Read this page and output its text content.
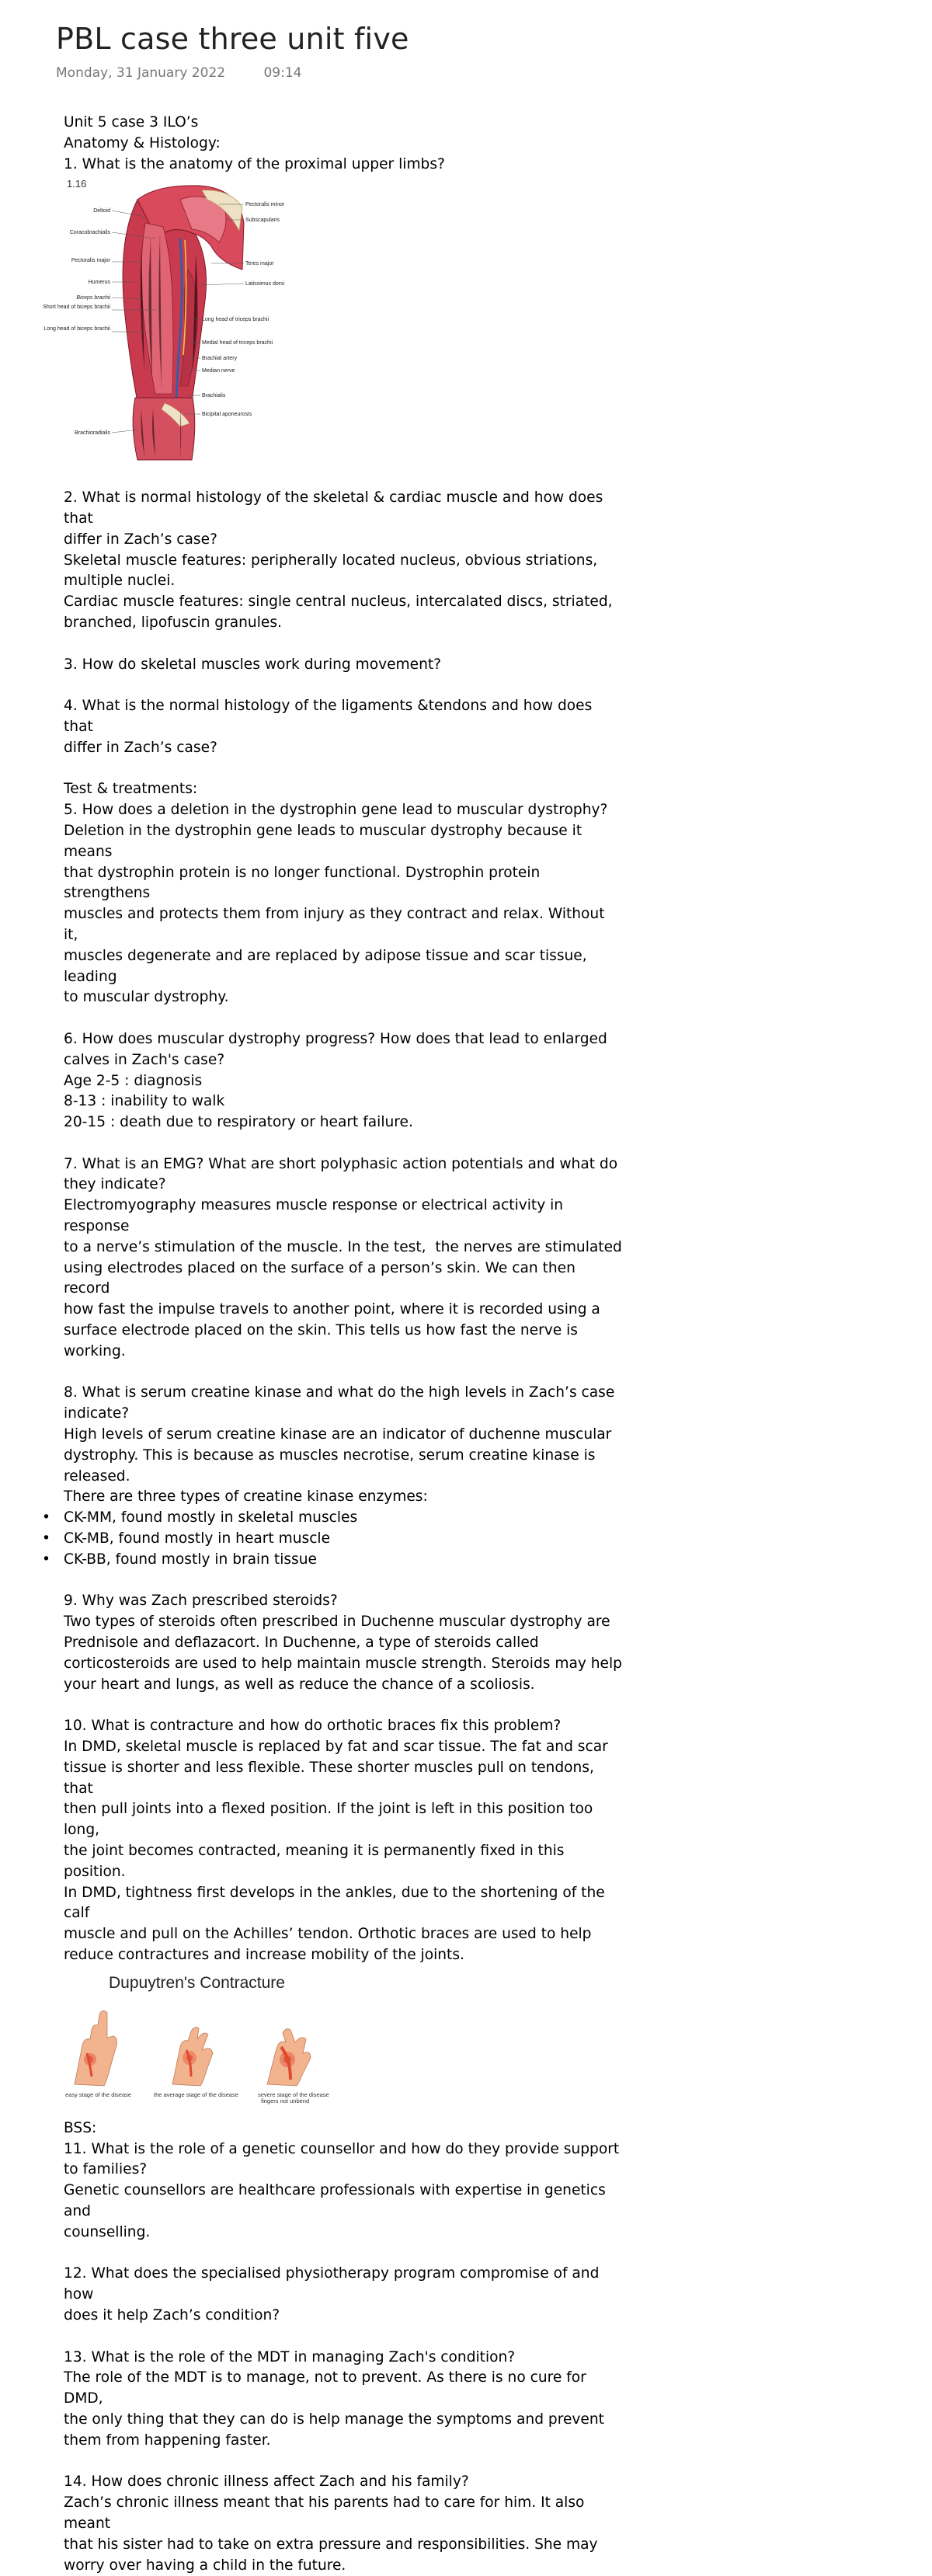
PBL case three unit five
Monday, 31 January 2022	09:14
Unit 5 case 3 ILO’s
Anatomy & Histology:
1. What is the anatomy of the proximal upper limbs?
1.16
Deltoid
Coracobrachialis
Pectoralis major
Humerus
Biceps brachii
Short head of biceps brachii
Long head of biceps brachii
Brachioradialis
Pectoralis minor
Subscapularis
Teres major
Latissimus dorsi
Long head of triceps brachii
Medial head of triceps brachii
Brachial artery
Median nerve
Brachialis
Bicipital aponeurosis
2. What is normal histology of the skeletal & cardiac muscle and how does that
differ in Zach’s case?
Skeletal muscle features: peripherally located nucleus, obvious striations,
multiple nuclei.
Cardiac muscle features: single central nucleus, intercalated discs, striated,
branched, lipofuscin granules.
3. How do skeletal muscles work during movement?
4. What is the normal histology of the ligaments &tendons and how does that
differ in Zach’s case?
Test & treatments:
5. How does a deletion in the dystrophin gene lead to muscular dystrophy?
Deletion in the dystrophin gene leads to muscular dystrophy because it means
that dystrophin protein is no longer functional. Dystrophin protein strengthens
muscles and protects them from injury as they contract and relax. Without it,
muscles degenerate and are replaced by adipose tissue and scar tissue, leading
to muscular dystrophy.
6. How does muscular dystrophy progress? How does that lead to enlarged
calves in Zach's case?
Age 2-5 : diagnosis
8-13 : inability to walk
20-15 : death due to respiratory or heart failure.
7. What is an EMG? What are short polyphasic action potentials and what do
they indicate?
Electromyography measures muscle response or electrical activity in response
to a nerve’s stimulation of the muscle. In the test,  the nerves are stimulated
using electrodes placed on the surface of a person’s skin. We can then record
how fast the impulse travels to another point, where it is recorded using a
surface electrode placed on the skin. This tells us how fast the nerve is
working.
8. What is serum creatine kinase and what do the high levels in Zach’s case
indicate?
High levels of serum creatine kinase are an indicator of duchenne muscular
dystrophy. This is because as muscles necrotise, serum creatine kinase is
released.
There are three types of creatine kinase enzymes:
• CK-MM, found mostly in skeletal muscles
• CK-MB, found mostly in heart muscle
• CK-BB, found mostly in brain tissue
9. Why was Zach prescribed steroids?
Two types of steroids often prescribed in Duchenne muscular dystrophy are
Prednisole and deflazacort. In Duchenne, a type of steroids called
corticosteroids are used to help maintain muscle strength. Steroids may help
your heart and lungs, as well as reduce the chance of a scoliosis.
10. What is contracture and how do orthotic braces fix this problem?
In DMD, skeletal muscle is replaced by fat and scar tissue. The fat and scar
tissue is shorter and less flexible. These shorter muscles pull on tendons, that
then pull joints into a flexed position. If the joint is left in this position too long,
the joint becomes contracted, meaning it is permanently fixed in this position.
In DMD, tightness first develops in the ankles, due to the shortening of the calf
muscle and pull on the Achilles’ tendon. Orthotic braces are used to help
reduce contractures and increase mobility of the joints.
Dupuytren's Contracture
easy stage of the disease	the average stage of the disease	severe stage of the disease
fingers not unbend
BSS:
11. What is the role of a genetic counsellor and how do they provide support
to families?
Genetic counsellors are healthcare professionals with expertise in genetics and
counselling.
12. What does the specialised physiotherapy program compromise of and how
does it help Zach’s condition?
13. What is the role of the MDT in managing Zach's condition?
The role of the MDT is to manage, not to prevent. As there is no cure for DMD,
the only thing that they can do is help manage the symptoms and prevent
them from happening faster.
14. How does chronic illness affect Zach and his family?
Zach’s chronic illness meant that his parents had to care for him. It also meant
that his sister had to take on extra pressure and responsibilities. She may
worry over having a child in the future.
